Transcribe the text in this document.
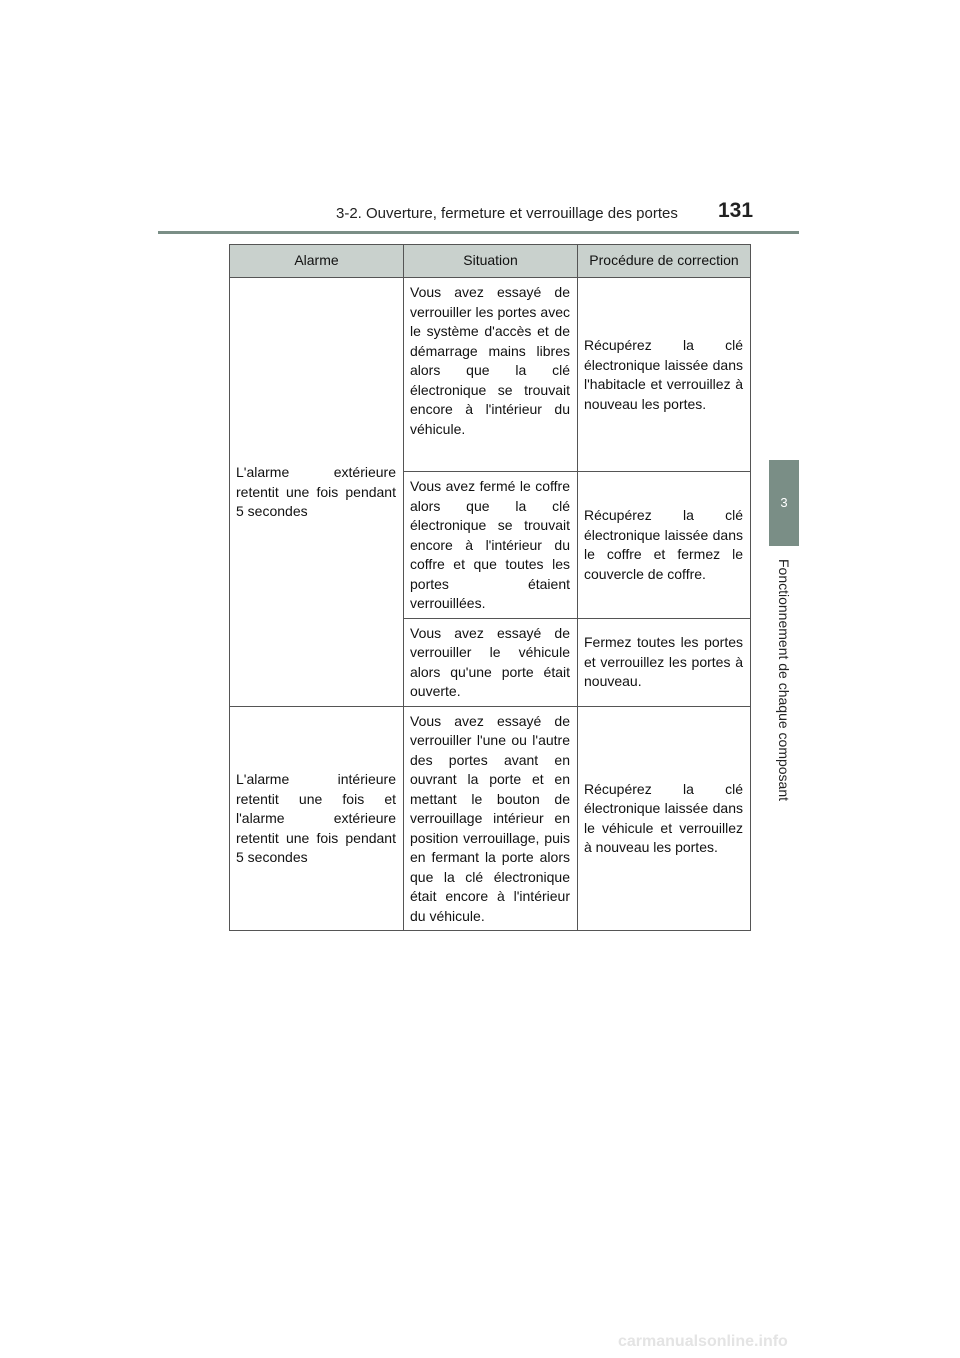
3-2. Ouverture, fermeture et verrouillage des portes 131
3
Fonctionnement de chaque composant
Alarme	Situation	Procédure de correction
L'alarme extérieure retentit une fois pendant 5 secondes	Vous avez essayé de verrouiller les portes avec le système d'accès et de démarrage mains libres alors que la clé électronique se trouvait encore à l'intérieur du véhicule.	Récupérez la clé électronique laissée dans l'habitacle et verrouillez à nouveau les portes.
	Vous avez fermé le coffre alors que la clé électronique se trouvait encore à l'intérieur du coffre et que toutes les portes étaient verrouillées.	Récupérez la clé électronique laissée dans le coffre et fermez le couvercle de coffre.
	Vous avez essayé de verrouiller le véhicule alors qu'une porte était ouverte.	Fermez toutes les portes et verrouillez les portes à nouveau.
L'alarme intérieure retentit une fois et l'alarme extérieure retentit une fois pendant 5 secondes	Vous avez essayé de verrouiller l'une ou l'autre des portes avant en ouvrant la porte et en mettant le bouton de verrouillage intérieur en position verrouillage, puis en fermant la porte alors que la clé électronique était encore à l'intérieur du véhicule.	Récupérez la clé électronique laissée dans le véhicule et verrouillez à nouveau les portes.
carmanualsonline.info
